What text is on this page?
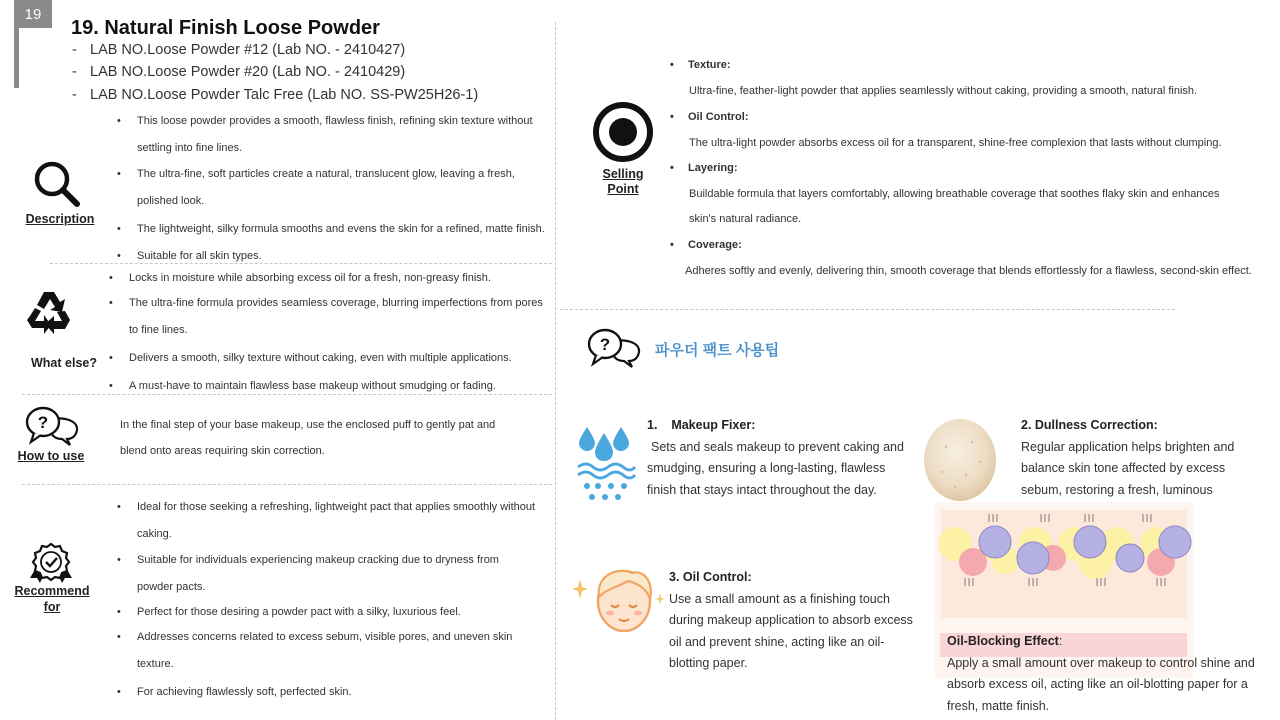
19
19. Natural Finish Loose Powder
- LAB NO.Loose Powder #12 (Lab NO. - 2410427)
- LAB NO.Loose Powder #20 (Lab NO. - 2410429)
- LAB NO.Loose Powder Talc Free (Lab NO. SS-PW25H26-1)
Description
• This loose powder provides a smooth, flawless finish, refining skin texture without settling into fine lines.
• The ultra-fine, soft particles create a natural, translucent glow, leaving a fresh, polished look.
• The lightweight, silky formula smooths and evens the skin for a refined, matte finish.
• Suitable for all skin types.
What else?
• Locks in moisture while absorbing excess oil for a fresh, non-greasy finish.
• The ultra-fine formula provides seamless coverage, blurring imperfections from pores to fine lines.
• Delivers a smooth, silky texture without caking, even with multiple applications.
• A must-have to maintain flawless base makeup without smudging or fading.
?
How to use
In the final step of your base makeup, use the enclosed puff to gently pat and blend onto areas requiring skin correction.
Recommend
for
• Ideal for those seeking a refreshing, lightweight pact that applies smoothly without caking.
• Suitable for individuals experiencing makeup cracking due to dryness from powder pacts.
• Perfect for those desiring a powder pact with a silky, luxurious feel.
• Addresses concerns related to excess sebum, visible pores, and uneven skin texture.
• For achieving flawlessly soft, perfected skin.
Selling
Point
• Texture:
Ultra-fine, feather-light powder that applies seamlessly without caking, providing a smooth, natural finish.
• Oil Control:
The ultra-light powder absorbs excess oil for a transparent, shine-free complexion that lasts without clumping.
• Layering:
Buildable formula that layers comfortably, allowing breathable coverage that soothes flaky skin and enhances skin's natural radiance.
• Coverage:
Adheres softly and evenly, delivering thin, smooth coverage that blends effortlessly for a flawless, second-skin effect.
?	파우더 팩트 사용팁
1.    Makeup Fixer:
Sets and seals makeup to prevent caking and smudging, ensuring a long-lasting, flawless finish that stays intact throughout the day.
2. Dullness Correction:
Regular application helps brighten and balance skin tone affected by excess sebum, restoring a fresh, luminous
Oil-Blocking Effect:
Apply a small amount over makeup to control shine and absorb excess oil, acting like an oil-blotting paper for a fresh, matte finish.
3. Oil Control:
Use a small amount as a finishing touch during makeup application to absorb excess oil and prevent shine, acting like an oil-blotting paper.
